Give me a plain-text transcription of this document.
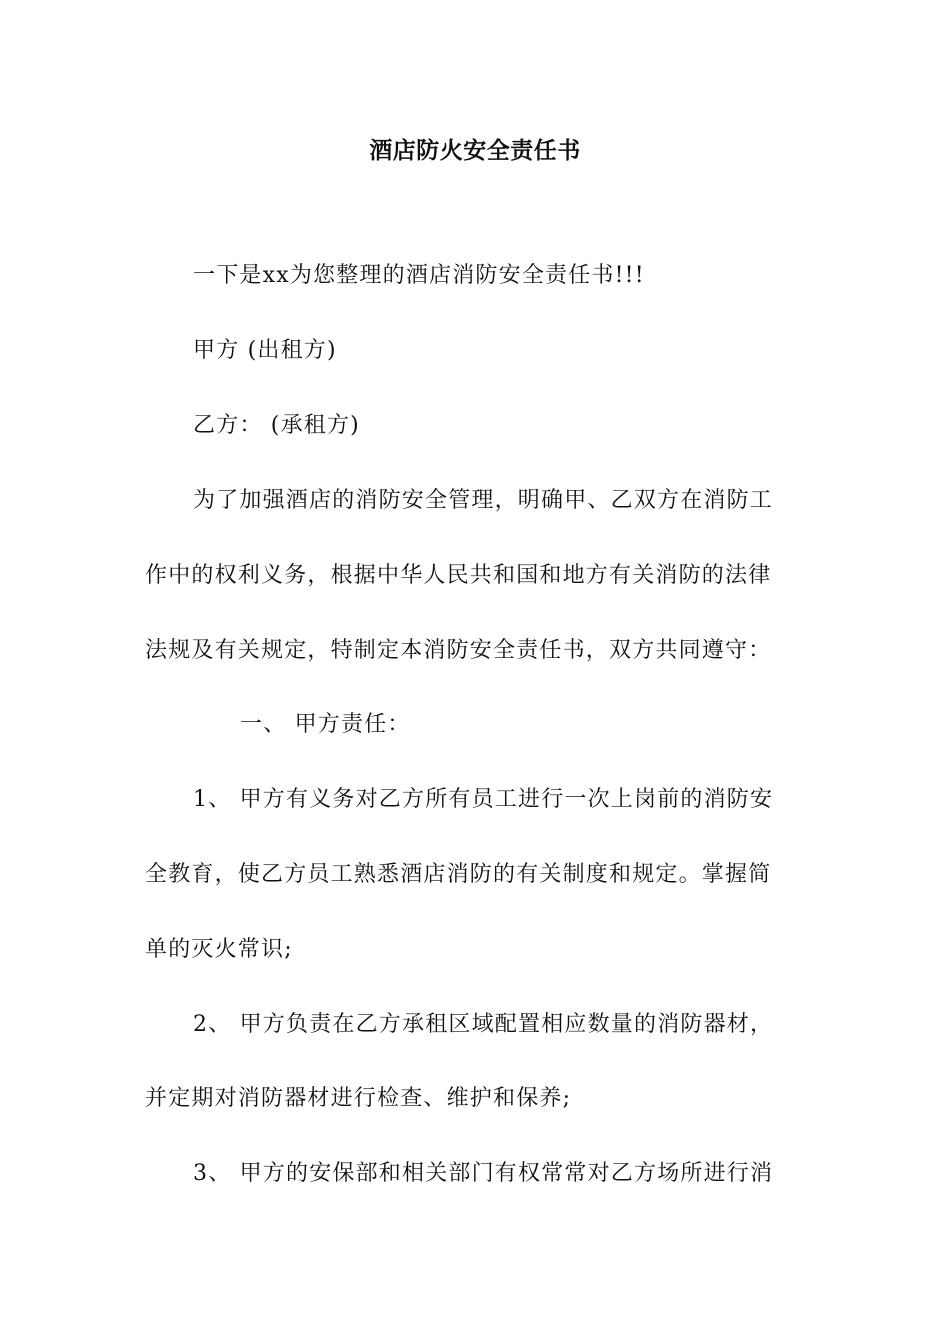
酒店防火安全责任书
一下是xx为您整理的酒店消防安全责任书!!!
甲方 (出租方)
乙方： (承租方)
为了加强酒店的消防安全管理，明确甲、乙双方在消防工
作中的权利义务，根据中华人民共和国和地方有关消防的法律
法规及有关规定，特制定本消防安全责任书，双方共同遵守：
一、 甲方责任：
1、 甲方有义务对乙方所有员工进行一次上岗前的消防安
全教育，使乙方员工熟悉酒店消防的有关制度和规定。掌握简
单的灭火常识;
2、 甲方负责在乙方承租区域配置相应数量的消防器材，
并定期对消防器材进行检查、维护和保养;
3、 甲方的安保部和相关部门有权常常对乙方场所进行消
